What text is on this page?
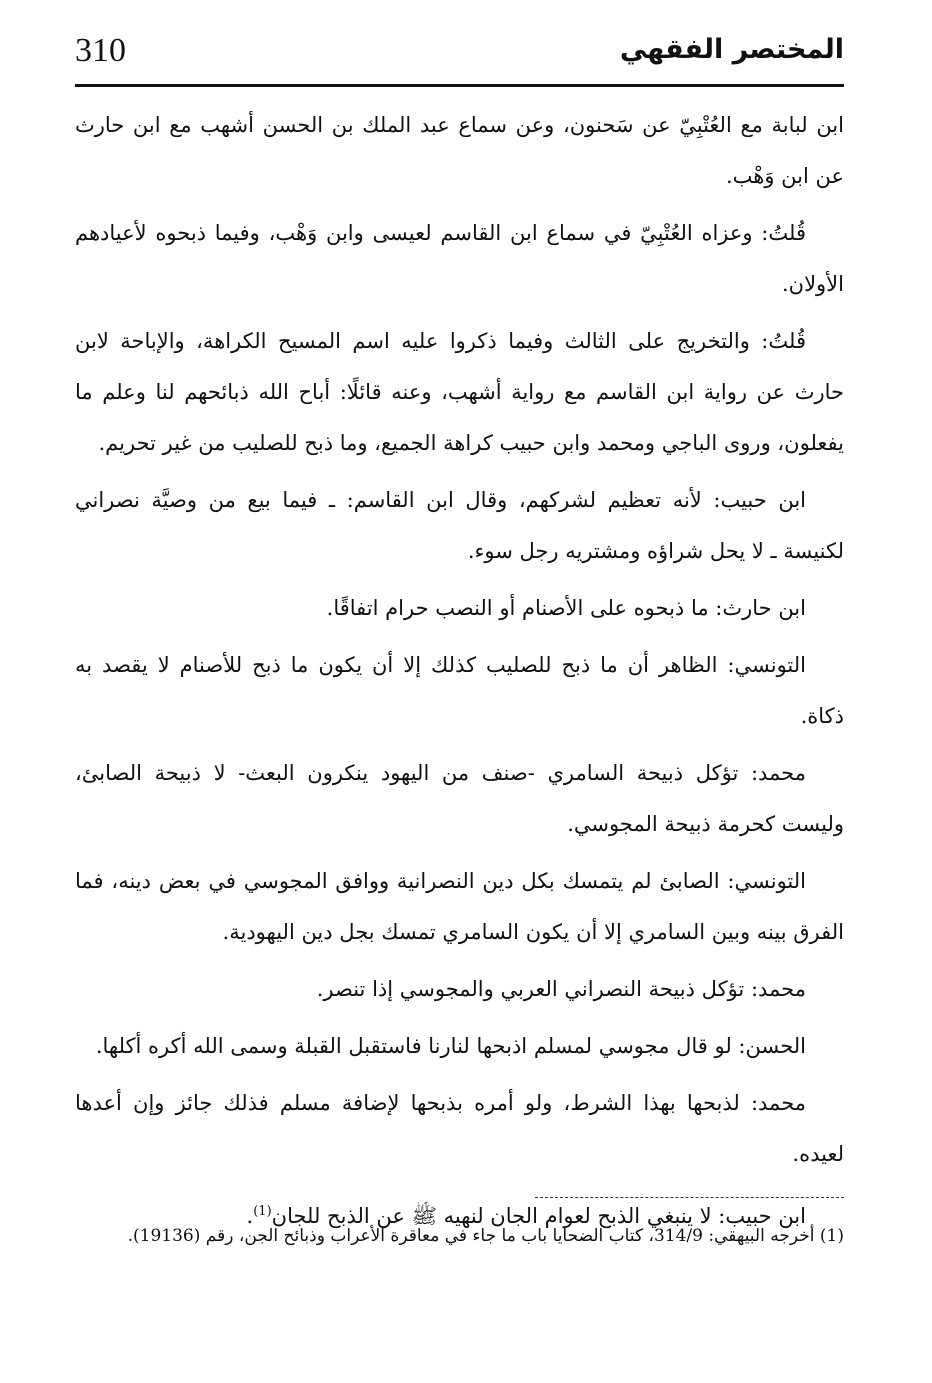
310	المختصر الفقهي

ابن لبابة مع العُتْبِيّ عن سَحنون، وعن سماع عبد الملك بن الحسن أشهب مع ابن حارث عن ابن وَهْب.

قُلتُ: وعزاه العُتْبِيّ في سماع ابن القاسم لعيسى وابن وَهْب، وفيما ذبحوه لأعيادهم الأولان.

قُلتُ: والتخريج على الثالث وفيما ذكروا عليه اسم المسيح الكراهة، والإباحة لابن حارث عن رواية ابن القاسم مع رواية أشهب، وعنه قائلًا: أباح الله ذبائحهم لنا وعلم ما يفعلون، وروى الباجي ومحمد وابن حبيب كراهة الجميع، وما ذبح للصليب من غير تحريم.

ابن حبيب: لأنه تعظيم لشركهم، وقال ابن القاسم: ـ فيما بيع من وصيَّة نصراني لكنيسة ـ لا يحل شراؤه ومشتريه رجل سوء.

ابن حارث: ما ذبحوه على الأصنام أو النصب حرام اتفاقًا.

التونسي: الظاهر أن ما ذبح للصليب كذلك إلا أن يكون ما ذبح للأصنام لا يقصد به ذكاة.

محمد: تؤكل ذبيحة السامري -صنف من اليهود ينكرون البعث- لا ذبيحة الصابئ، وليست كحرمة ذبيحة المجوسي.

التونسي: الصابئ لم يتمسك بكل دين النصرانية ووافق المجوسي في بعض دينه، فما الفرق بينه وبين السامري إلا أن يكون السامري تمسك بجل دين اليهودية.

محمد: تؤكل ذبيحة النصراني العربي والمجوسي إذا تنصر.

الحسن: لو قال مجوسي لمسلم اذبحها لنارنا فاستقبل القبلة وسمى الله أكره أكلها.

محمد: لذبحها بهذا الشرط، ولو أمره بذبحها لإضافة مسلم فذلك جائز وإن أعدها لعيده.

ابن حبيب: لا ينبغي الذبح لعوام الجان لنهيه ﷺ عن الذبح للجان$^{(1)}$.

(1) أخرجه البيهقي: 314/9، كتاب الضحايا باب ما جاء في معاقرة الأعراب وذبائح الجن، رقم (19136).
